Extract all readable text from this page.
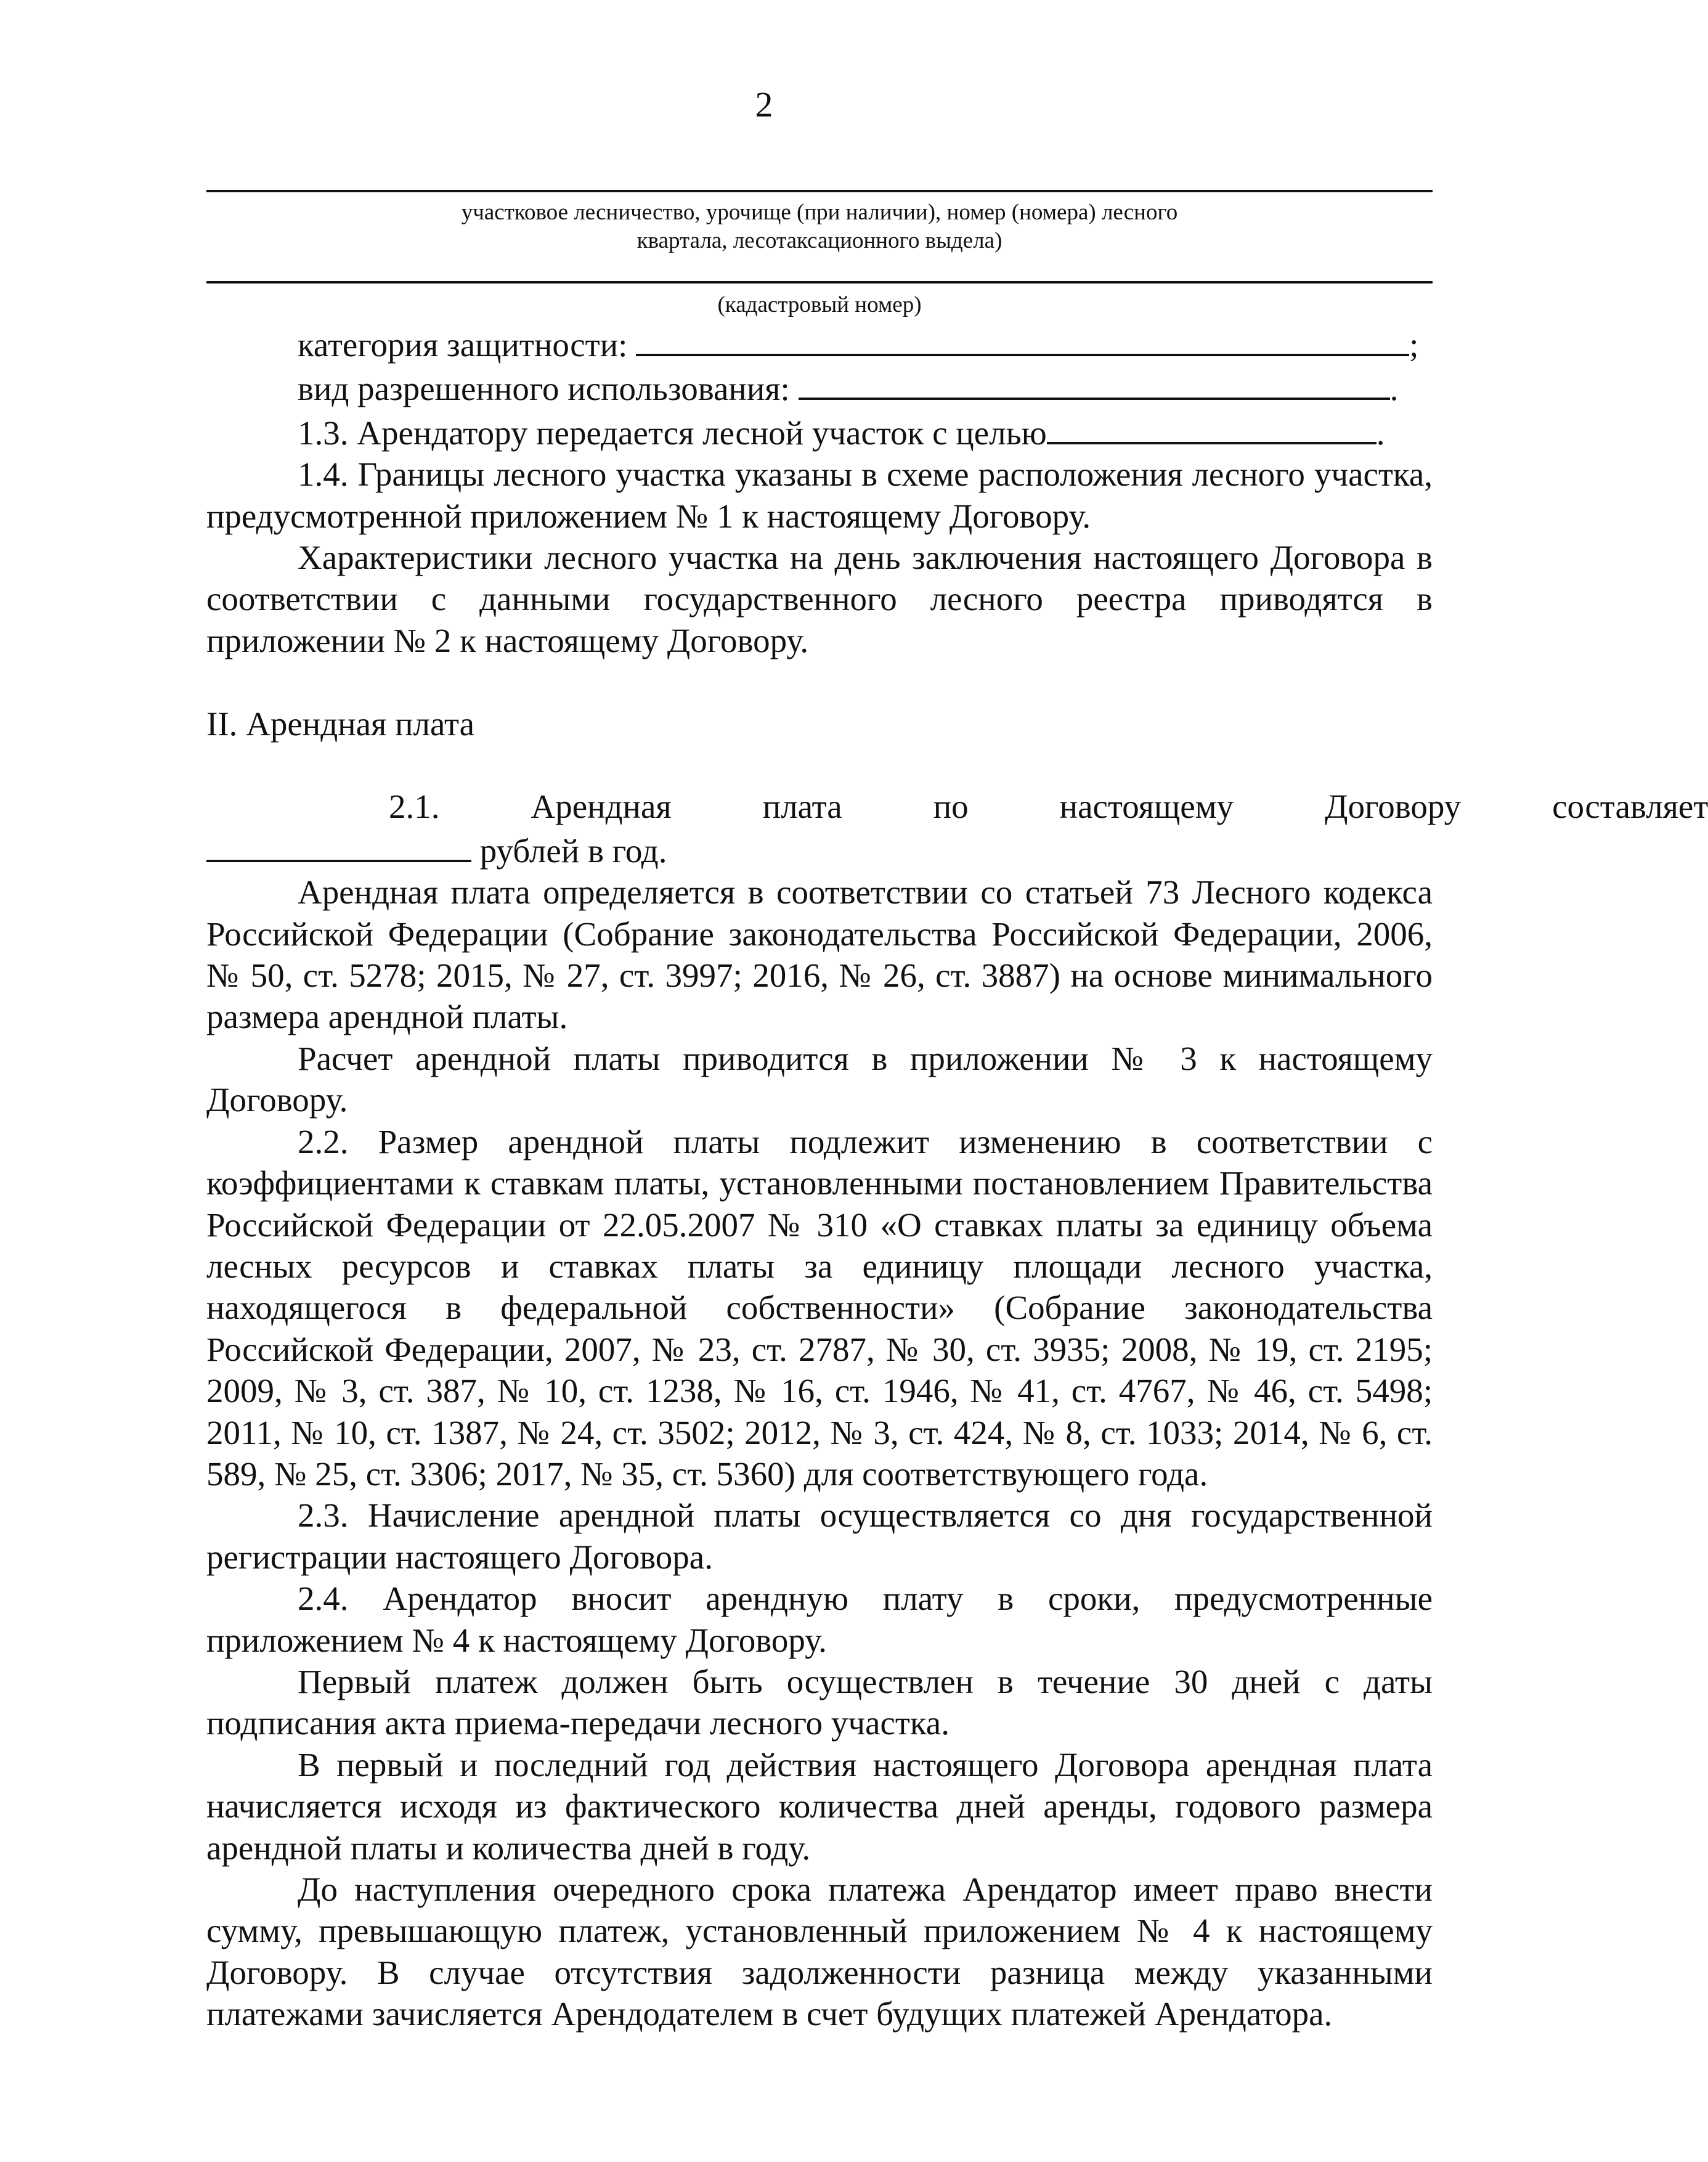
2
участковое лесничество, урочище (при наличии), номер (номера) лесного
квартала, лесотаксационного выдела)
(кадастровый номер)

категория защитности:	;

вид разрешенного использования:	.

1.3. Арендатору передается лесной участок с целью	.

1.4. Границы лесного участка указаны в схеме расположения лесного участка, предусмотренной приложением № 1 к настоящему Договору.

Характеристики лесного участка на день заключения настоящего Договора в соответствии с данными государственного лесного реестра приводятся в приложении № 2 к настоящему Договору.

II. Арендная плата

2.1.	Арендная	плата	по	настоящему	Договору	составляет

рублей в год.

Арендная плата определяется в соответствии со статьей 73 Лесного кодекса Российской Федерации (Собрание законодательства Российской Федерации, 2006, № 50, ст. 5278; 2015, № 27, ст. 3997; 2016, № 26, ст. 3887) на основе минимального размера арендной платы.

Расчет арендной платы приводится в приложении № 3 к настоящему Договору.

2.2. Размер арендной платы подлежит изменению в соответствии с коэффициентами к ставкам платы, установленными постановлением Правительства Российской Федерации от 22.05.2007 № 310 «О ставках платы за единицу объема лесных ресурсов и ставках платы за единицу площади лесного участка, находящегося в федеральной собственности» (Собрание законодательства Российской Федерации, 2007, № 23, ст. 2787, № 30, ст. 3935; 2008, № 19, ст. 2195; 2009, № 3, ст. 387, № 10, ст. 1238, № 16, ст. 1946, № 41, ст. 4767, № 46, ст. 5498; 2011, № 10, ст. 1387, № 24, ст. 3502; 2012, № 3, ст. 424, № 8, ст. 1033; 2014, № 6, ст. 589, № 25, ст. 3306; 2017, № 35, ст. 5360) для соответствующего года.

2.3. Начисление арендной платы осуществляется со дня государственной регистрации настоящего Договора.

2.4. Арендатор вносит арендную плату в сроки, предусмотренные приложением № 4 к настоящему Договору.

Первый платеж должен быть осуществлен в течение 30 дней с даты подписания акта приема-передачи лесного участка.

В первый и последний год действия настоящего Договора арендная плата начисляется исходя из фактического количества дней аренды, годового размера арендной платы и количества дней в году.

До наступления очередного срока платежа Арендатор имеет право внести сумму, превышающую платеж, установленный приложением № 4 к настоящему Договору. В случае отсутствия задолженности разница между указанными платежами зачисляется Арендодателем в счет будущих платежей Арендатора.
